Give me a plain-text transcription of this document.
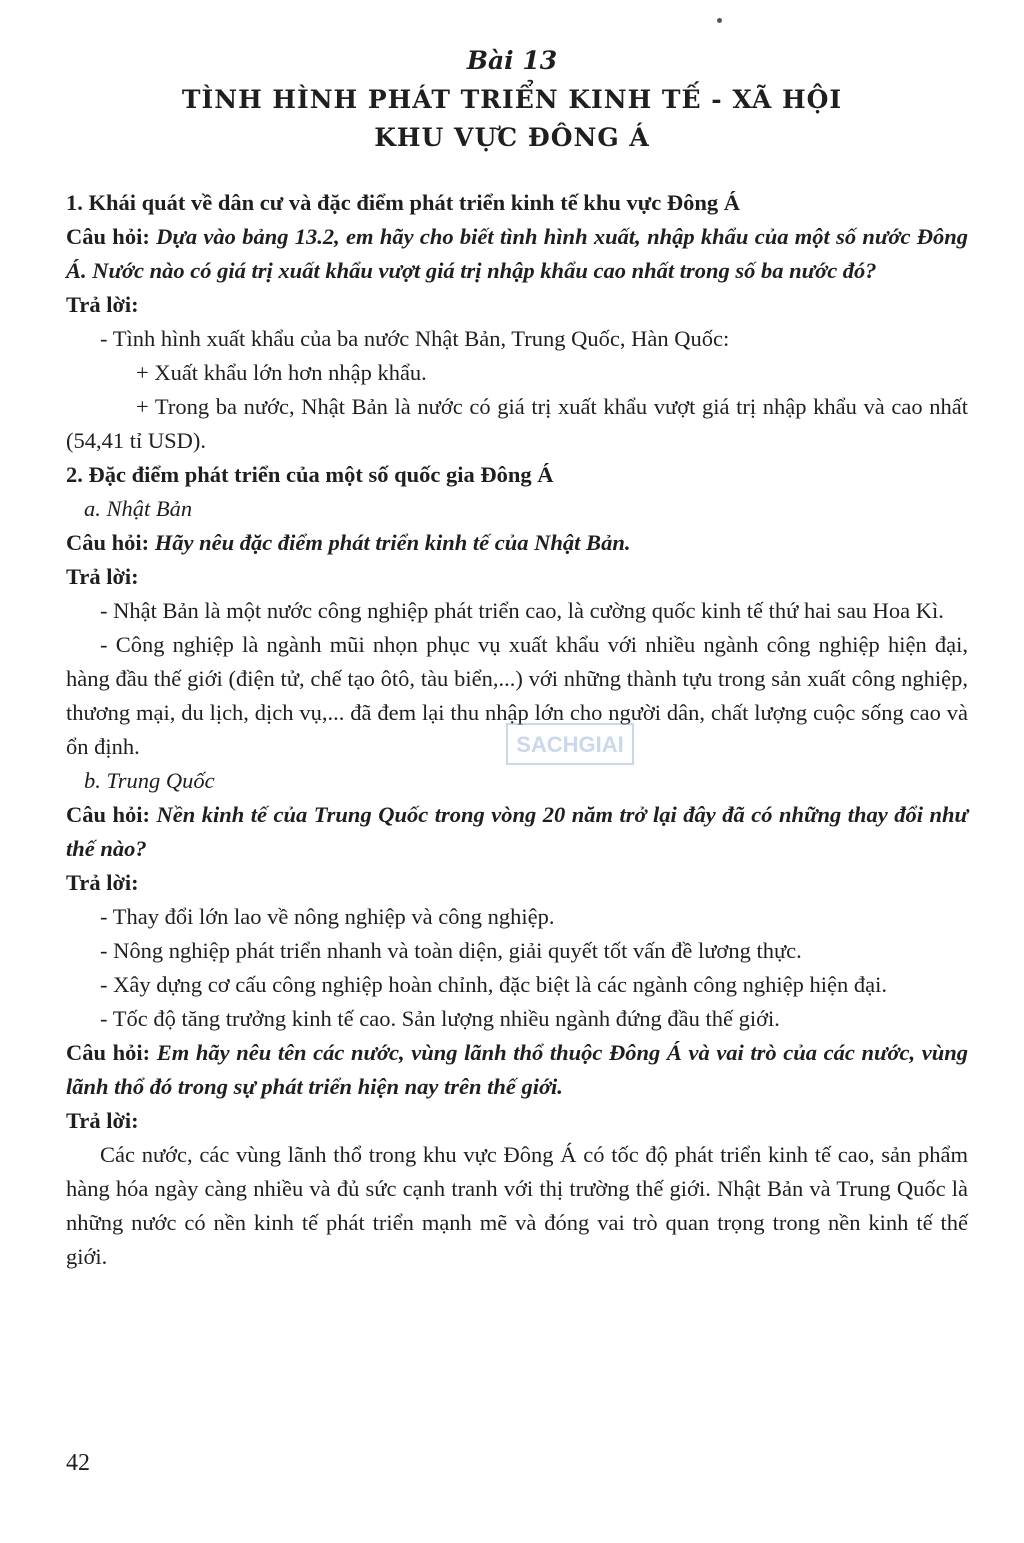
Bài 13
TÌNH HÌNH PHÁT TRIỂN KINH TẾ - XÃ HỘI
KHU VỰC ĐÔNG Á

1. Khái quát về dân cư và đặc điểm phát triển kinh tế khu vực Đông Á

Câu hỏi: Dựa vào bảng 13.2, em hãy cho biết tình hình xuất, nhập khẩu của một số nước Đông Á. Nước nào có giá trị xuất khẩu vượt giá trị nhập khẩu cao nhất trong số ba nước đó?

Trả lời:

- Tình hình xuất khẩu của ba nước Nhật Bản, Trung Quốc, Hàn Quốc:

+ Xuất khẩu lớn hơn nhập khẩu.

+ Trong ba nước, Nhật Bản là nước có giá trị xuất khẩu vượt giá trị nhập khẩu và cao nhất (54,41 tỉ USD).

2. Đặc điểm phát triển của một số quốc gia Đông Á

a. Nhật Bản

Câu hỏi: Hãy nêu đặc điểm phát triển kinh tế của Nhật Bản.

Trả lời:

- Nhật Bản là một nước công nghiệp phát triển cao, là cường quốc kinh tế thứ hai sau Hoa Kì.

- Công nghiệp là ngành mũi nhọn phục vụ xuất khẩu với nhiều ngành công nghiệp hiện đại, hàng đầu thế giới (điện tử, chế tạo ôtô, tàu biển,...) với những thành tựu trong sản xuất công nghiệp, thương mại, du lịch, dịch vụ,... đã đem lại thu nhập lớn cho người dân, chất lượng cuộc sống cao và ổn định.

b. Trung Quốc

Câu hỏi: Nền kinh tế của Trung Quốc trong vòng 20 năm trở lại đây đã có những thay đổi như thế nào?

Trả lời:

- Thay đổi lớn lao về nông nghiệp và công nghiệp.

- Nông nghiệp phát triển nhanh và toàn diện, giải quyết tốt vấn đề lương thực.

- Xây dựng cơ cấu công nghiệp hoàn chỉnh, đặc biệt là các ngành công nghiệp hiện đại.

- Tốc độ tăng trưởng kinh tế cao. Sản lượng nhiều ngành đứng đầu thế giới.

Câu hỏi: Em hãy nêu tên các nước, vùng lãnh thổ thuộc Đông Á và vai trò của các nước, vùng lãnh thổ đó trong sự phát triển hiện nay trên thế giới.

Trả lời:

Các nước, các vùng lãnh thổ trong khu vực Đông Á có tốc độ phát triển kinh tế cao, sản phẩm hàng hóa ngày càng nhiều và đủ sức cạnh tranh với thị trường thế giới. Nhật Bản và Trung Quốc là những nước có nền kinh tế phát triển mạnh mẽ và đóng vai trò quan trọng trong nền kinh tế thế giới.

SACHGIAI
42
